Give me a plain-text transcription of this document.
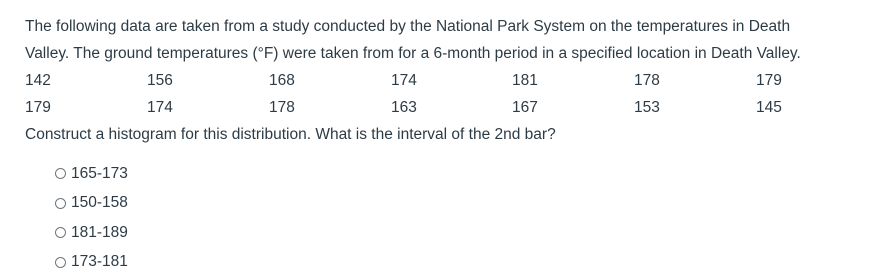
The following data are taken from a study conducted by the National Park System on the temperatures in Death

Valley. The ground temperatures (°F) were taken from for a 6-month period in a specified location in Death Valley.

142	156	168	174	181	178	179
179	174	178	163	167	153	145

Construct a histogram for this distribution. What is the interval of the 2nd bar?

165-173
150-158
181-189
173-181
